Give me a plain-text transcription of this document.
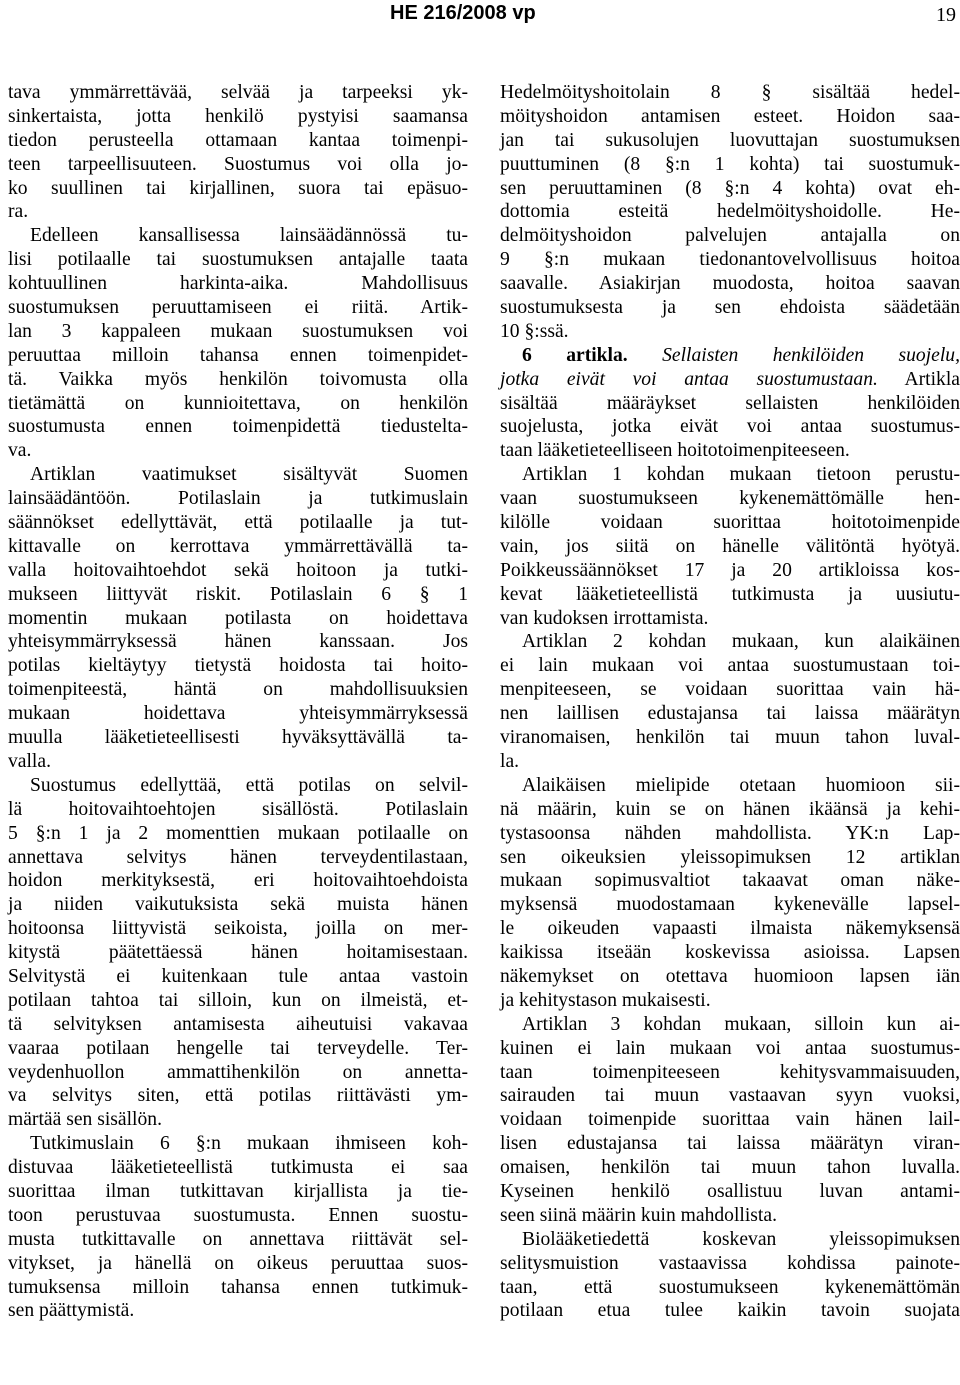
HE 216/2008 vp	19
tava ymmärrettävää, selvää ja tarpeeksi yk-
sinkertaista, jotta henkilö pystyisi saamansa
tiedon perusteella ottamaan kantaa toimenpi-
teen tarpeellisuuteen. Suostumus voi olla jo-
ko suullinen tai kirjallinen, suora tai epäsuo-
ra.
Edelleen kansallisessa lainsäädännössä tu-
lisi potilaalle tai suostumuksen antajalle taata
kohtuullinen harkinta-aika. Mahdollisuus
suostumuksen peruuttamiseen ei riitä. Artik-
lan 3 kappaleen mukaan suostumuksen voi
peruuttaa milloin tahansa ennen toimenpidet-
tä. Vaikka myös henkilön toivomusta olla
tietämättä on kunnioitettava, on henkilön
suostumusta ennen toimenpidettä tiedusteltа-
va.
Artiklan vaatimukset sisältyvät Suomen
lainsäädäntöön. Potilaslain ja tutkimuslain
säännökset edellyttävät, että potilaalle ja tut-
kittavalle on kerrottava ymmärrettävällä ta-
valla hoitovaihtoehdot sekä hoitoon ja tutki-
mukseen liittyvät riskit. Potilaslain 6 § 1
momentin mukaan potilasta on hoidettava
yhteisymmärryksessä hänen kanssaan. Jos
potilas kieltäytyy tietystä hoidosta tai hoito-
toimenpiteestä, häntä on mahdollisuuksien
mukaan hoidettava yhteisymmärryksessä
muulla lääketieteellisesti hyväksyttävällä ta-
valla.
Suostumus edellyttää, että potilas on selvil-
lä hoitovaihtoehtojen sisällöstä. Potilaslain
5 §:n 1 ja 2 momenttien mukaan potilaalle on
annettava selvitys hänen terveydentilastaan,
hoidon merkityksestä, eri hoitovaihtoehdoista
ja niiden vaikutuksista sekä muista hänen
hoitoonsa liittyvistä seikoista, joilla on mer-
kitystä päätettäessä hänen hoitamisestaan.
Selvitystä ei kuitenkaan tule antaa vastoin
potilaan tahtoa tai silloin, kun on ilmeistä, et-
tä selvityksen antamisesta aiheutuisi vakavaa
vaaraa potilaan hengelle tai terveydelle. Ter-
veydenhuollon ammattihenkilön on annetta-
va selvitys siten, että potilas riittävästi ym-
märtää sen sisällön.
Tutkimuslain 6 §:n mukaan ihmiseen koh-
distuvaa lääketieteellistä tutkimusta ei saa
suorittaa ilman tutkittavan kirjallista ja tie-
toon perustuvaa suostumusta. Ennen suostu-
musta tutkittavalle on annettava riittävät sel-
vitykset, ja hänellä on oikeus peruuttaa suos-
tumuksensa milloin tahansa ennen tutkimuk-
sen päättymistä.
Hedelmöityshoitolain 8 § sisältää hedel-
möityshoidon antamisen esteet. Hoidon saa-
jan tai sukusolujen luovuttajan suostumuksen
puuttuminen (8 §:n 1 kohta) tai suostumuk-
sen peruuttaminen (8 §:n 4 kohta) ovat eh-
dottomia esteitä hedelmöityshoidolle. He-
delmöityshoidon palvelujen antajalla on
9 §:n mukaan tiedonantovelvollisuus hoitoa
saavalle. Asiakirjan muodosta, hoitoa saavan
suostumuksesta ja sen ehdoista säädetään
10 §:ssä.
6 artikla. Sellaisten henkilöiden suojelu,
jotka eivät voi antaa suostumustaan. Artikla
sisältää määräykset sellaisten henkilöiden
suojelusta, jotka eivät voi antaa suostumus-
taan lääketieteelliseen hoitotoimenpiteeseen.
Artiklan 1 kohdan mukaan tietoon perustu-
vaan suostumukseen kykenemättömälle hen-
kilölle voidaan suorittaa hoitotoimenpide
vain, jos siitä on hänelle välitöntä hyötyä.
Poikkeussäännökset 17 ja 20 artikloissa kos-
kevat lääketieteellistä tutkimusta ja uusiutu-
van kudoksen irrottamista.
Artiklan 2 kohdan mukaan, kun alaikäinen
ei lain mukaan voi antaa suostumustaan toi-
menpiteeseen, se voidaan suorittaa vain hä-
nen laillisen edustajansa tai laissa määrätyn
viranomaisen, henkilön tai muun tahon luval-
la.
Alaikäisen mielipide otetaan huomioon sii-
nä määrin, kuin se on hänen ikäänsä ja kehi-
tystasoonsa nähden mahdollista. YK:n Lap-
sen oikeuksien yleissopimuksen 12 artiklan
mukaan sopimusvaltiot takaavat oman näke-
myksensä muodostamaan kykenevälle lapsel-
le oikeuden vapaasti ilmaista näkemyksensä
kaikissa itseään koskevissa asioissa. Lapsen
näkemykset on otettava huomioon lapsen iän
ja kehitystason mukaisesti.
Artiklan 3 kohdan mukaan, silloin kun ai-
kuinen ei lain mukaan voi antaa suostumus-
taan toimenpiteeseen kehitysvammaisuuden,
sairauden tai muun vastaavan syyn vuoksi,
voidaan toimenpide suorittaa vain hänen lail-
lisen edustajansa tai laissa määrätyn viran-
omaisen, henkilön tai muun tahon luvalla.
Kyseinen henkilö osallistuu luvan antami-
seen siinä määrin kuin mahdollista.
Biolääketiedettä koskevan yleissopimuksen
selitysmuistion vastaavissa kohdissa painote-
taan, että suostumukseen kykenemättömän
potilaan etua tulee kaikin tavoin suojata
